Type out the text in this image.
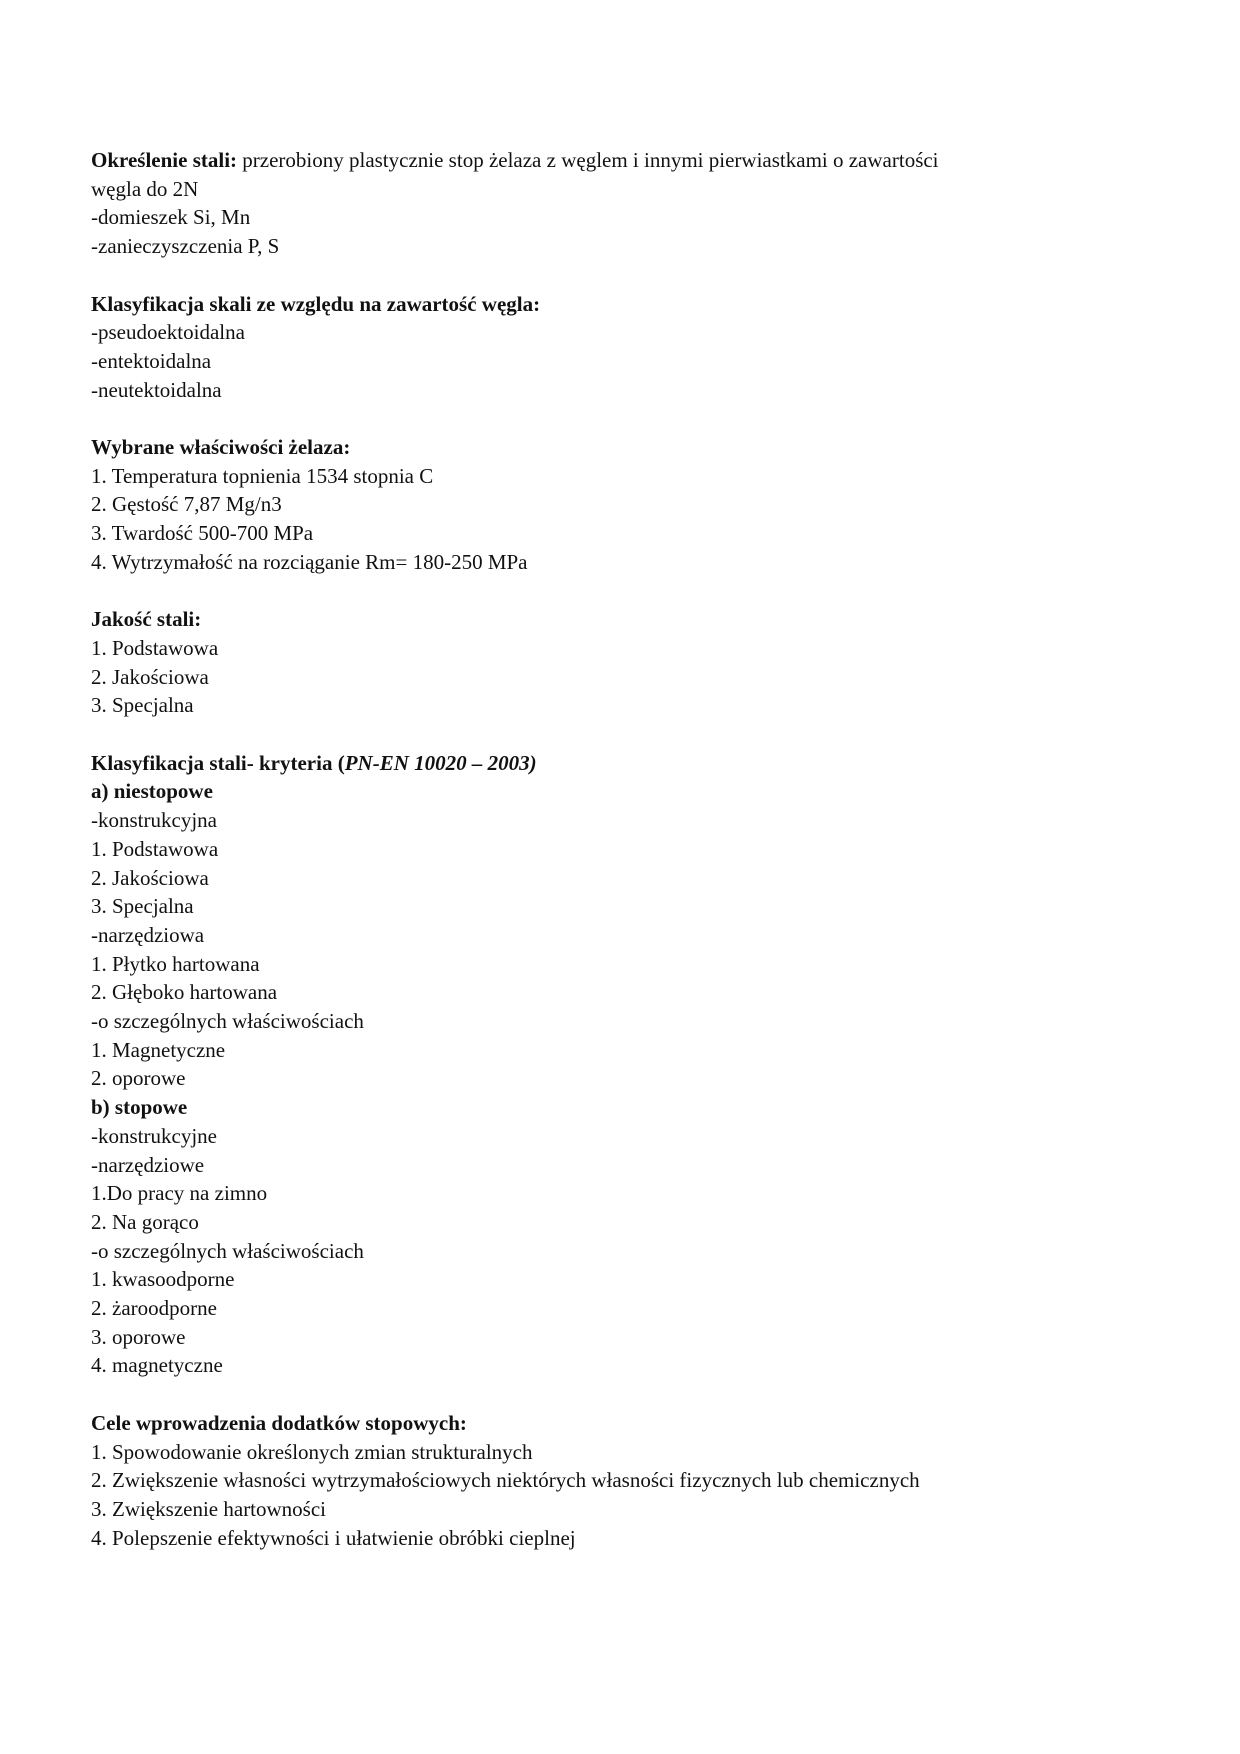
Określenie stali: przerobiony plastycznie stop żelaza z węglem i innymi pierwiastkami o zawartości
węgla do 2N
-domieszek Si, Mn
-zanieczyszczenia P, S
Klasyfikacja skali ze względu na zawartość węgla:
-pseudoektoidalna
-entektoidalna
-neutektoidalna
Wybrane właściwości żelaza:
1. Temperatura topnienia 1534 stopnia C
2. Gęstość 7,87 Mg/n3
3. Twardość 500-700 MPa
4. Wytrzymałość na rozciąganie Rm= 180-250 MPa
Jakość stali:
1. Podstawowa
2. Jakościowa
3. Specjalna
Klasyfikacja stali- kryteria (PN-EN 10020 – 2003)
a) niestopowe
-konstrukcyjna
1. Podstawowa
2. Jakościowa
3. Specjalna
-narzędziowa
1. Płytko hartowana
2. Głęboko hartowana
-o szczególnych właściwościach
1. Magnetyczne
2. oporowe
b) stopowe
-konstrukcyjne
-narzędziowe
1.Do pracy na zimno
2. Na gorąco
-o szczególnych właściwościach
1. kwasoodporne
2. żaroodporne
3. oporowe
4. magnetyczne
Cele wprowadzenia dodatków stopowych:
1. Spowodowanie określonych zmian strukturalnych
2. Zwiększenie własności wytrzymałościowych niektórych własności fizycznych lub chemicznych
3. Zwiększenie hartowności
4. Polepszenie efektywności i ułatwienie obróbki cieplnej
